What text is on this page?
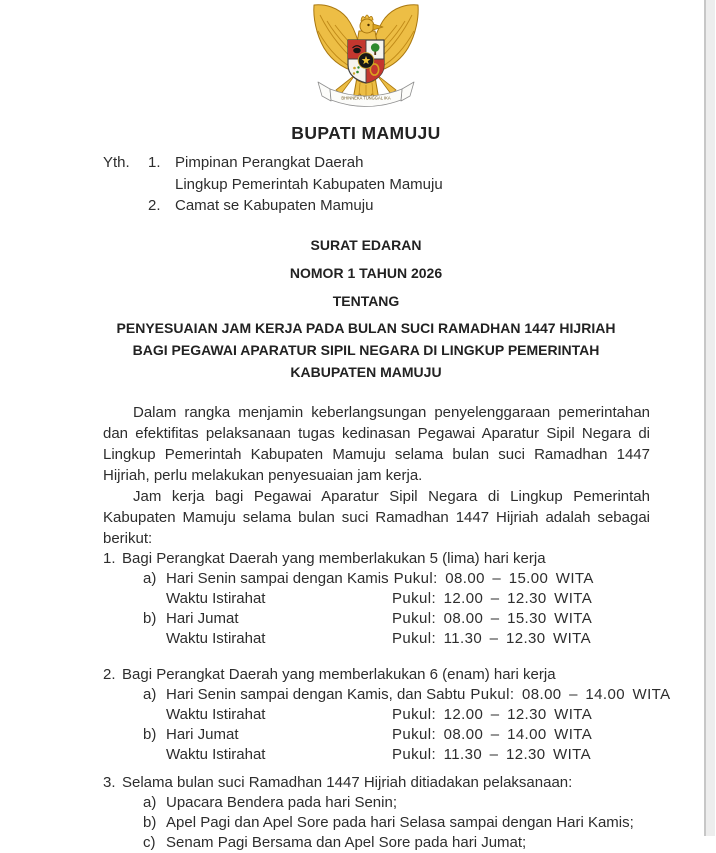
BHINNEKA TUNGGAL IKA
BUPATI MAMUJU
Yth.	1. Pimpinan Perangkat Daerah
Lingkup Pemerintah Kabupaten Mamuju
2. Camat se Kabupaten Mamuju
SURAT EDARAN
NOMOR 1 TAHUN 2026
TENTANG
PENYESUAIAN JAM KERJA PADA BULAN SUCI RAMADHAN 1447 HIJRIAH
BAGI PEGAWAI APARATUR SIPIL NEGARA DI LINGKUP PEMERINTAH
KABUPATEN MAMUJU

Dalam rangka menjamin keberlangsungan penyelenggaraan pemerintahan dan efektifitas pelaksanaan tugas kedinasan Pegawai Aparatur Sipil Negara di Lingkup Pemerintah Kabupaten Mamuju selama bulan suci Ramadhan 1447 Hijriah, perlu melakukan penyesuaian jam kerja.

Jam kerja bagi Pegawai Aparatur Sipil Negara di Lingkup Pemerintah Kabupaten Mamuju selama bulan suci Ramadhan 1447 Hijriah adalah sebagai berikut:

1. Bagi Perangkat Daerah yang memberlakukan 5 (lima) hari kerja
a) Hari Senin sampai dengan Kamis Pukul: 08.00 – 15.00 WITA
Waktu Istirahat	Pukul: 12.00 – 12.30 WITA
b) Hari Jumat	Pukul: 08.00 – 15.30 WITA
Waktu Istirahat	Pukul: 11.30 – 12.30 WITA
2. Bagi Perangkat Daerah yang memberlakukan 6 (enam) hari kerja
a) Hari Senin sampai dengan Kamis, dan Sabtu Pukul: 08.00 – 14.00 WITA
Waktu Istirahat	Pukul: 12.00 – 12.30 WITA
b) Hari Jumat	Pukul: 08.00 – 14.00 WITA
Waktu Istirahat	Pukul: 11.30 – 12.30 WITA
3. Selama bulan suci Ramadhan 1447 Hijriah ditiadakan pelaksanaan:
a) Upacara Bendera pada hari Senin;
b) Apel Pagi dan Apel Sore pada hari Selasa sampai dengan Hari Kamis;
c) Senam Pagi Bersama dan Apel Sore pada hari Jumat;
